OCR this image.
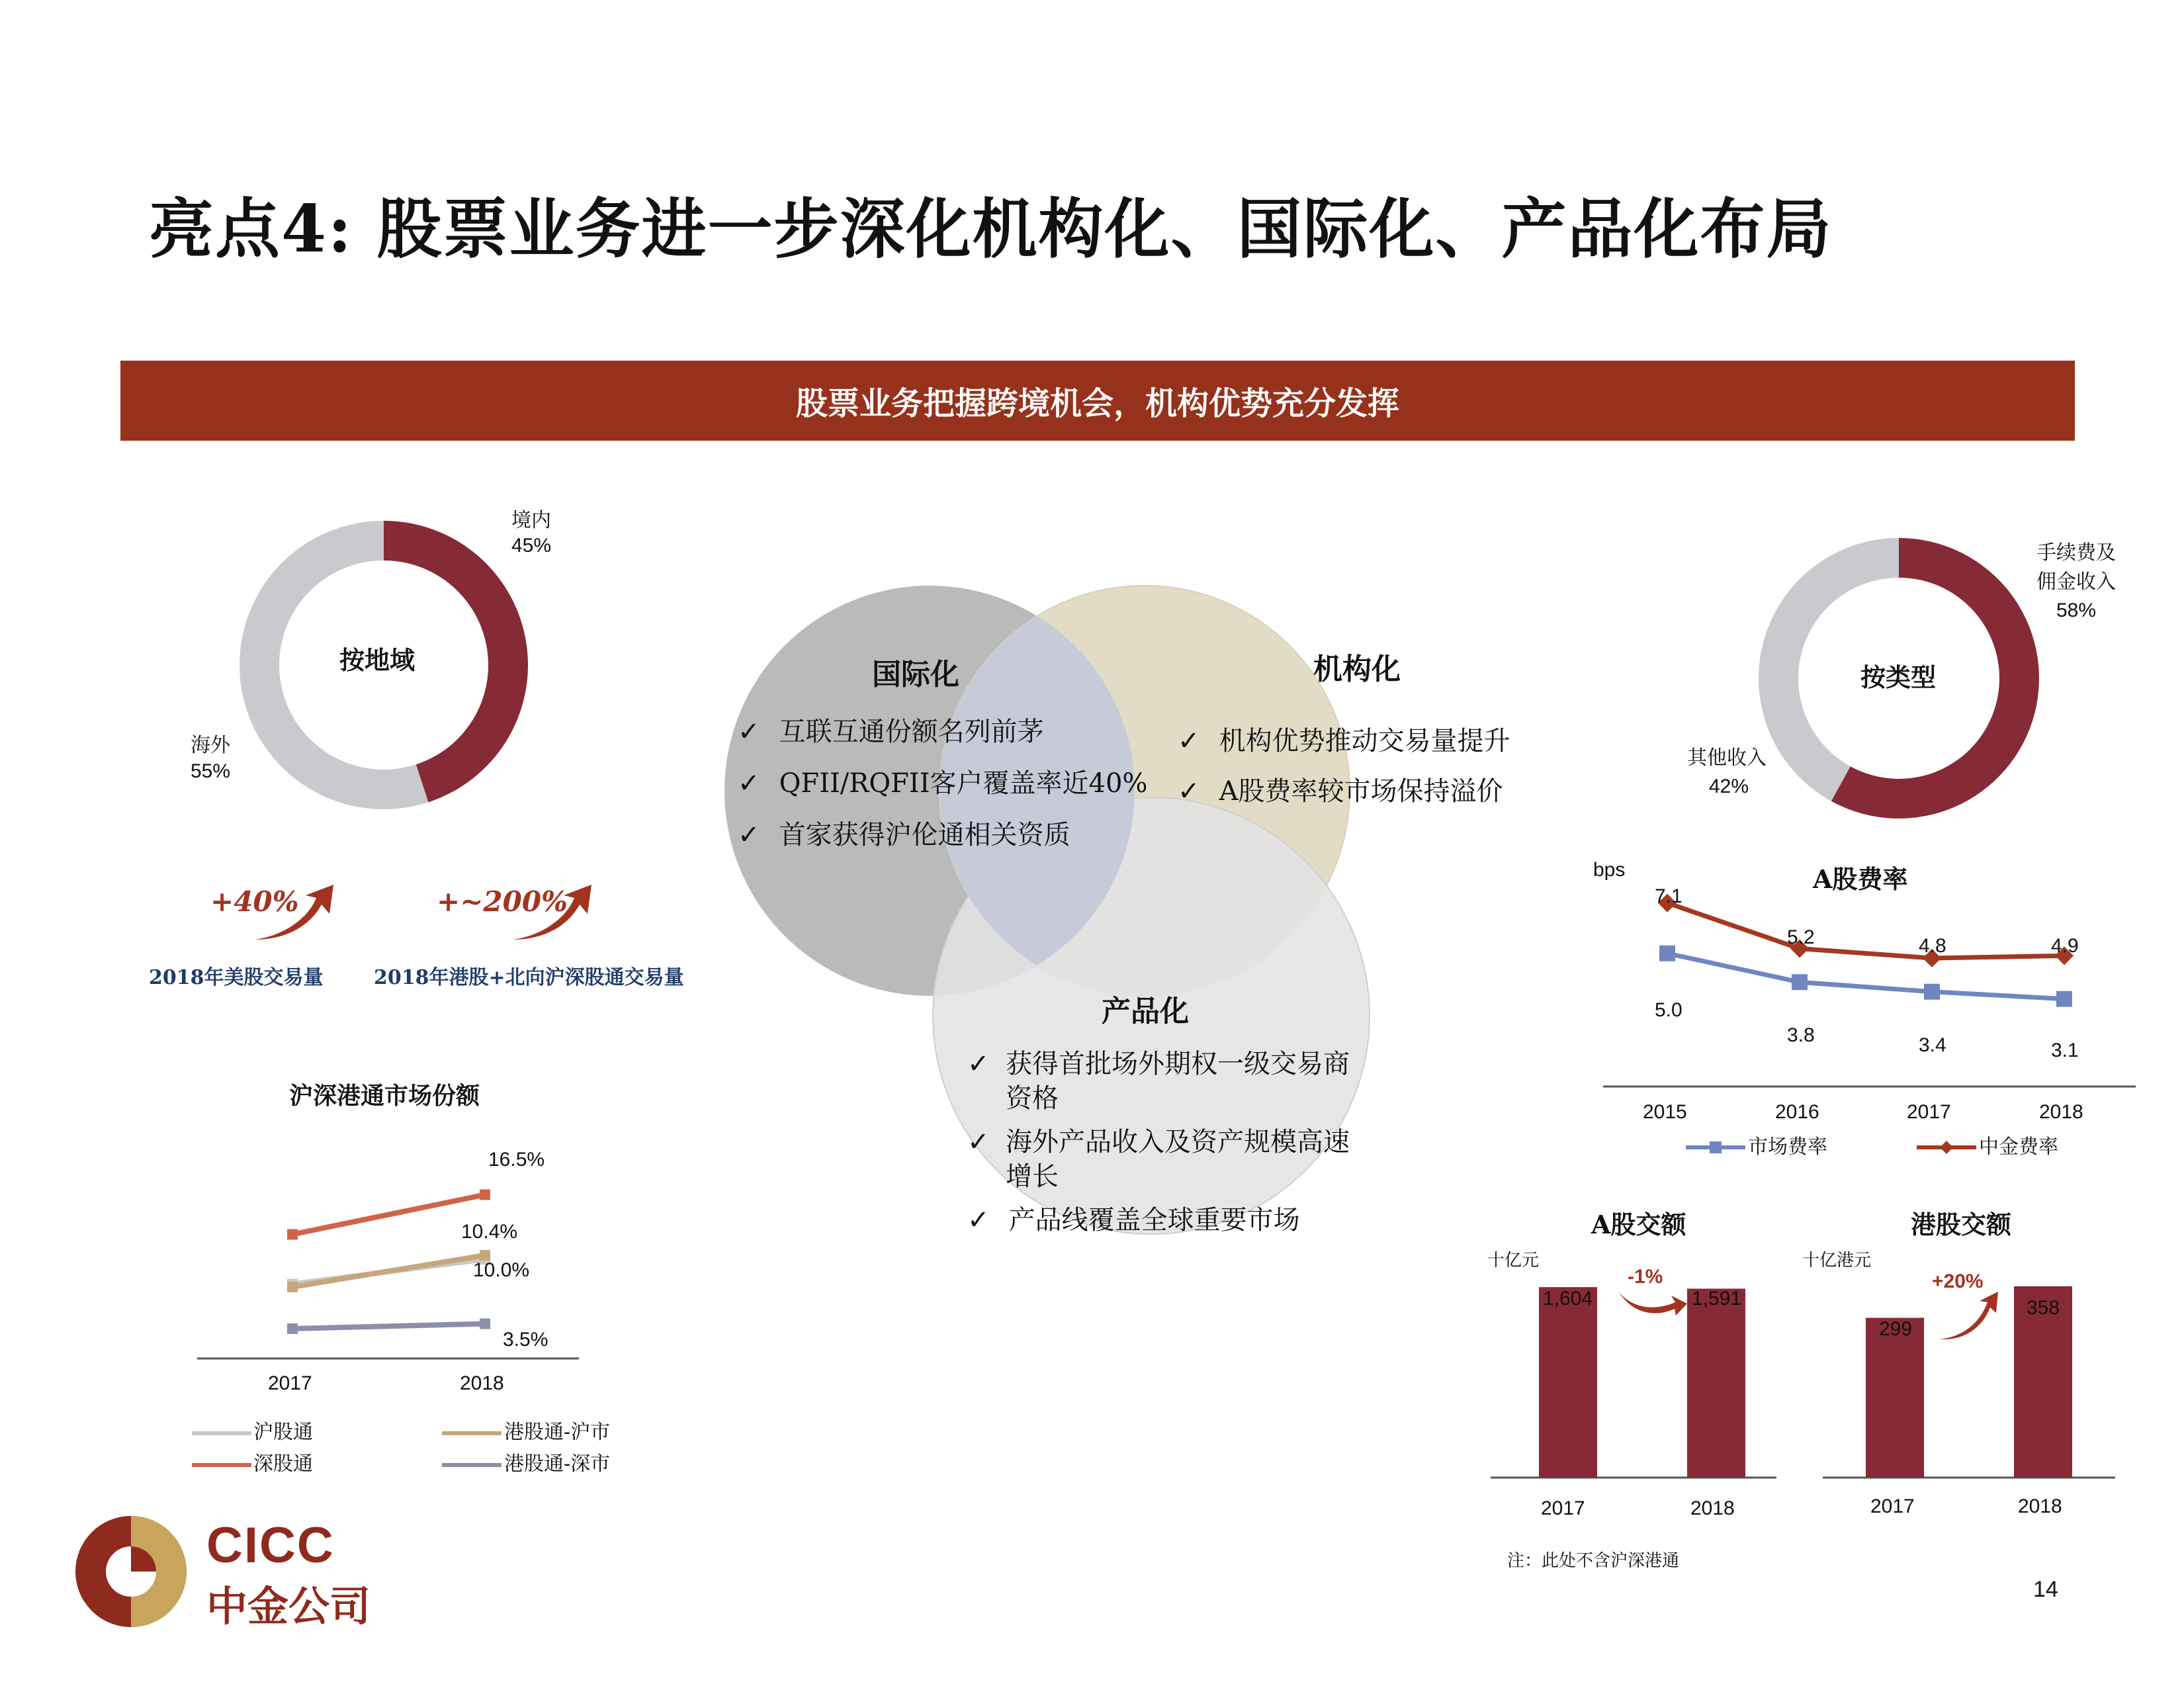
亮点4: 股票业务进一步深化机构化、国际化、产品化布局
股票业务把握跨境机会，机构优势充分发挥
按地域
境内
45%
海外
55%
+40%
2018年美股交易量
+~200%
2018年港股+北向沪深股通交易量
沪深港通市场份额
16.5%
10.4%
10.0%
3.5%
2017	2018
沪股通	港股通-沪市
深股通	港股通-深市
国际化
✓ 互联互通份额名列前茅
✓ QFII/RQFII客户覆盖率近40%
✓ 首家获得沪伦通相关资质
机构化
✓ 机构优势推动交易量提升
✓ A股费率较市场保持溢价
产品化
✓ 获得首批场外期权一级交易商资格
✓ 海外产品收入及资产规模高速增长
✓ 产品线覆盖全球重要市场
按类型
手续费及
佣金收入
58%
其他收入
42%
bps	A股费率
7.1
5.2	4.8	4.9
5.0
3.8	3.4	3.1
2015	2016	2017	2018
市场费率	中金费率
A股交额
十亿元
1,604	1,591
-1%
2017	2018
港股交额
十亿港元
299
358
+20%
2017	2018
注：此处不含沪深港通
14
CICC
中金公司
